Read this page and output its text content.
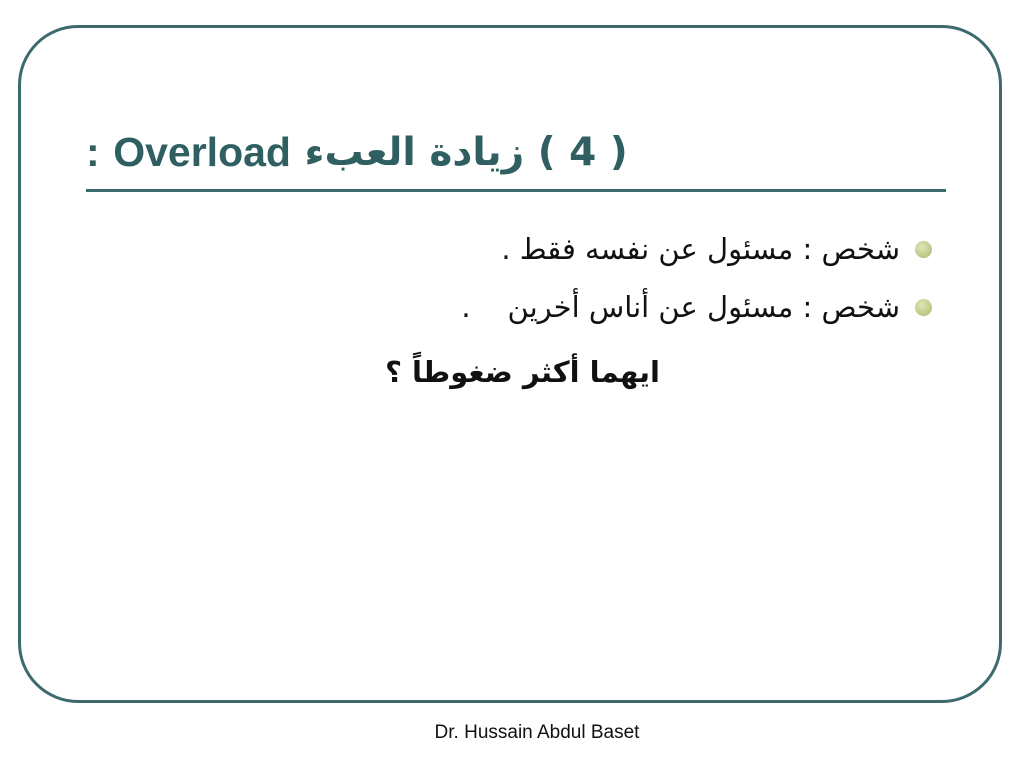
( 4 ) زيادة العبء

Overload

:
شخص : مسئول عن نفسه فقط .
شخص : مسئول عن أناس أخرين    .
ايهما أكثر ضغوطاً ؟
Dr. Hussain Abdul Baset
